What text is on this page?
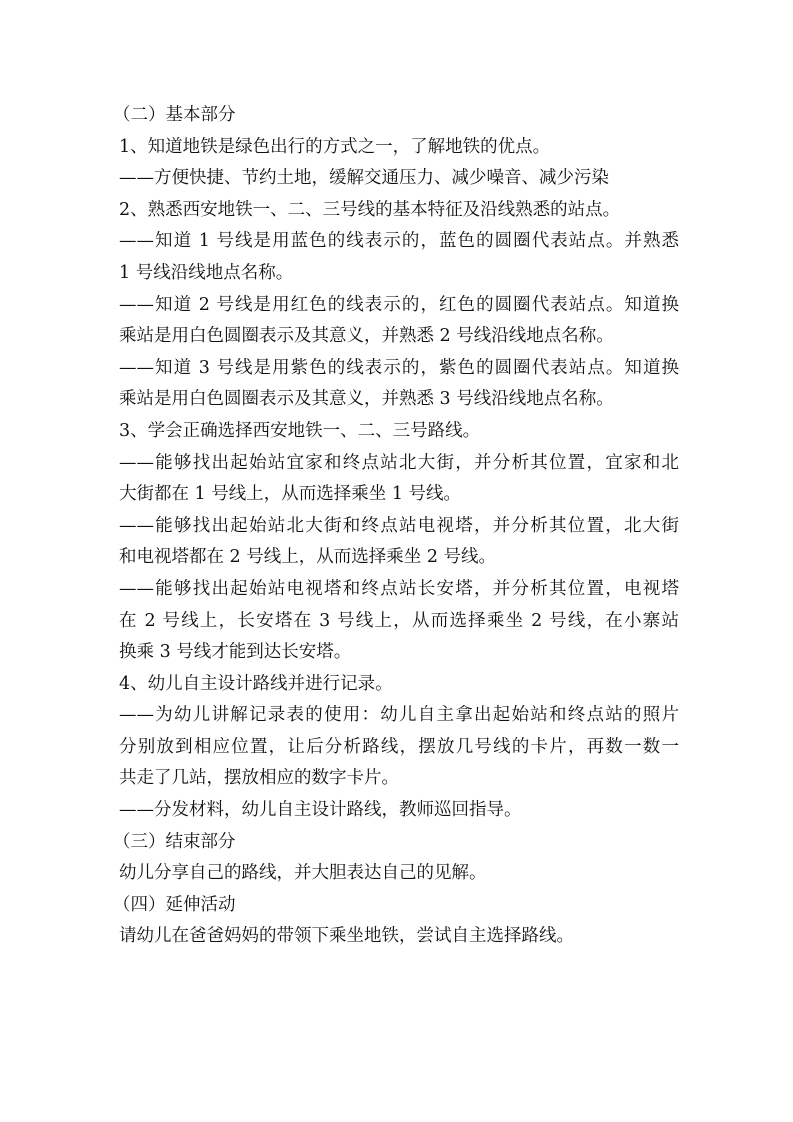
（二）基本部分
1、知道地铁是绿色出行的方式之一，了解地铁的优点。
——方便快捷、节约土地，缓解交通压力、减少噪音、减少污染
2、熟悉西安地铁一、二、三号线的基本特征及沿线熟悉的站点。
——知道 1 号线是用蓝色的线表示的，蓝色的圆圈代表站点。并熟悉
1 号线沿线地点名称。
——知道 2 号线是用红色的线表示的，红色的圆圈代表站点。知道换
乘站是用白色圆圈表示及其意义，并熟悉 2 号线沿线地点名称。
——知道 3 号线是用紫色的线表示的，紫色的圆圈代表站点。知道换
乘站是用白色圆圈表示及其意义，并熟悉 3 号线沿线地点名称。
3、学会正确选择西安地铁一、二、三号路线。
——能够找出起始站宜家和终点站北大街，并分析其位置，宜家和北
大街都在 1 号线上，从而选择乘坐 1 号线。
——能够找出起始站北大街和终点站电视塔，并分析其位置，北大街
和电视塔都在 2 号线上，从而选择乘坐 2 号线。
——能够找出起始站电视塔和终点站长安塔，并分析其位置，电视塔
在 2 号线上，长安塔在 3 号线上，从而选择乘坐 2 号线，在小寨站
换乘 3 号线才能到达长安塔。
4、幼儿自主设计路线并进行记录。
——为幼儿讲解记录表的使用：幼儿自主拿出起始站和终点站的照片
分别放到相应位置，让后分析路线，摆放几号线的卡片，再数一数一
共走了几站，摆放相应的数字卡片。
——分发材料，幼儿自主设计路线，教师巡回指导。
（三）结束部分
幼儿分享自己的路线，并大胆表达自己的见解。
（四）延伸活动
请幼儿在爸爸妈妈的带领下乘坐地铁，尝试自主选择路线。
